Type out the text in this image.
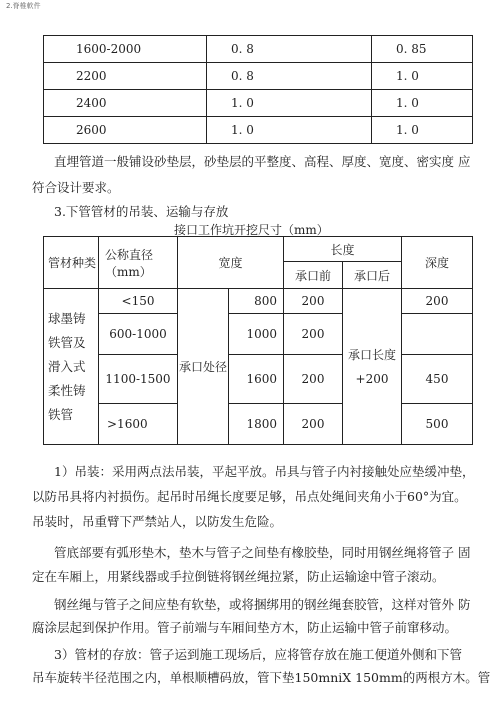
2.脊椎軟件
1600-2000	0. 8	0. 85
2200	0. 8	1. 0
2400	1. 0	1. 0
2600	1. 0	1. 0

直埋管道一般铺设砂垫层，砂垫层的平整度、高程、厚度、宽度、密实度 应

符合设计要求。

3.下管管材的吊装、运输与存放

接口工作坑开挖尺寸（mm）

管材种类	公称直径（mm）	宽度		长度		深度
				承口前	承口后	
球墨铸铁管及滑入式柔性铸铁管	<150	承口处径	800	200	承口长度+200	200
	600-1000		1000	200		
	1100-1500		1600	200		450
	>1600		1800	200		500

1）吊装：采用两点法吊装，平起平放。吊具与管子内衬接触处应垫缓冲垫，

以防吊具将内衬损伤。起吊时吊绳长度要足够，吊点处绳间夹角小于60°为宜。

吊装时，吊重臂下严禁站人，以防发生危险。

管底部要有弧形垫木，垫木与管子之间垫有橡胶垫，同时用钢丝绳将管子 固

定在车厢上，用紧线器或手拉倒链将钢丝绳拉紧，防止运输途中管子滚动。

钢丝绳与管子之间应垫有软垫，或将捆绑用的钢丝绳套胶管，这样对管外 防

腐涂层起到保护作用。管子前端与车厢间垫方木，防止运输中管子前窜移动。

3）管材的存放：管子运到施工现场后，应将管存放在施工便道外侧和下管

吊车旋转半径范围之内，单根顺槽码放，管下垫150mniX 150mm的两根方木。管
